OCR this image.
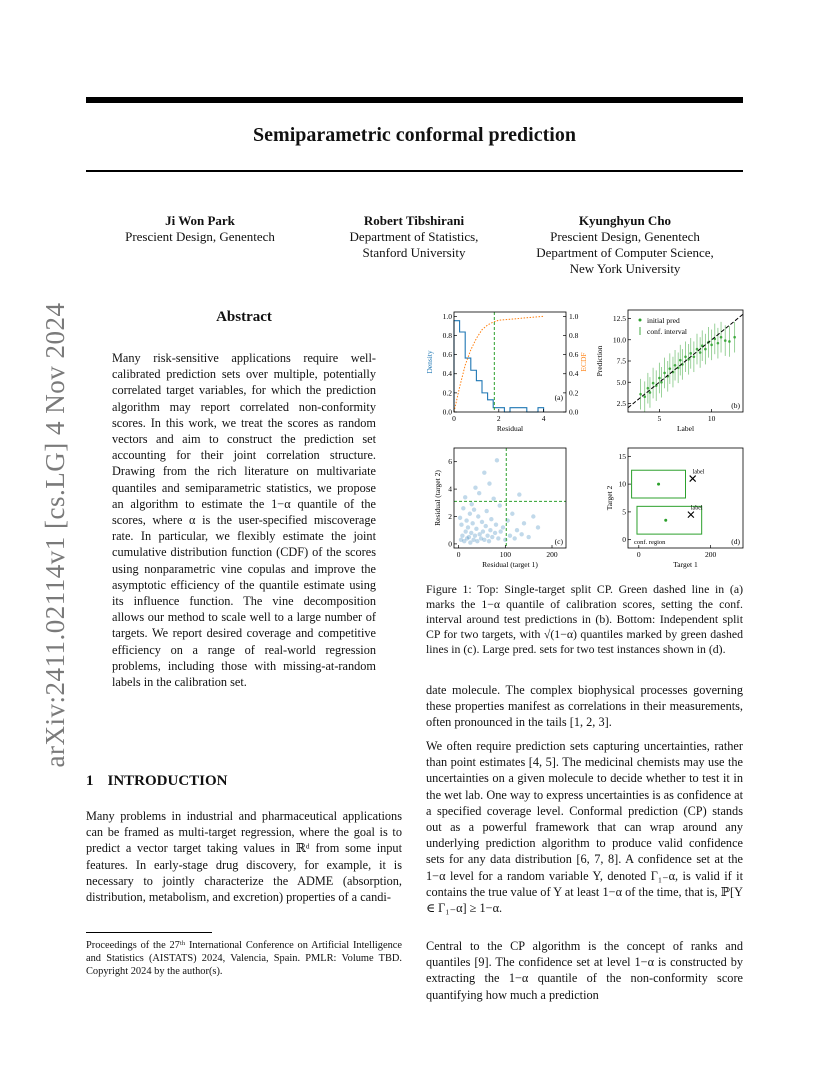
Semiparametric conformal prediction
Ji Won Park
Prescient Design, Genentech
Robert Tibshirani
Department of Statistics,
Stanford University
Kyunghyun Cho
Prescient Design, Genentech
Department of Computer Science,
New York University
arXiv:2411.02114v1 [cs.LG] 4 Nov 2024	Abstract
Many risk-sensitive applications require well-calibrated prediction sets over multiple, potentially correlated target variables, for which the prediction algorithm may report correlated non-conformity scores. In this work, we treat the scores as random vectors and aim to construct the prediction set accounting for their joint correlation structure. Drawing from the rich literature on multivariate quantiles and semiparametric statistics, we propose an algorithm to estimate the 1−α quantile of the scores, where α is the user-specified miscoverage rate. In particular, we flexibly estimate the joint cumulative distribution function (CDF) of the scores using nonparametric vine copulas and improve the asymptotic efficiency of the quantile estimate using its influence function. The vine decomposition allows our method to scale well to a large number of targets. We report desired coverage and competitive efficiency on a range of real-world regression problems, including those with missing-at-random labels in the calibration set.
1 INTRODUCTION
Many problems in industrial and pharmaceutical applications can be framed as multi-target regression, where the goal is to predict a vector target taking values in ℝᵈ from some input features. In early-stage drug discovery, for example, it is necessary to jointly characterize the ADME (absorption, distribution, metabolism, and excretion) properties of a candi-
Proceedings of the 27ᵗʰ International Conference on Artificial Intelligence and Statistics (AISTATS) 2024, Valencia, Spain. PMLR: Volume TBD. Copyright 2024 by the author(s).
0	2	4
0.0
0.2
0.4
0.6
0.8
1.0
0.0
0.2
0.4
0.6
0.8
1.0
Residual
Density	ECDF
(a)
5	10
2.5
5.0
7.5
10.0
12.5
Label
Prediction
(b)
initial pred
conf. interval
0	100	200
0
2
4
6
Residual (target 1)
Residual (target 2)
(c)
label
label
0	200
0
5
10
15
Target 1
Target 2
(d)
conf. region
Figure 1: Top: Single-target split CP. Green dashed line in (a) marks the 1−α quantile of calibration scores, setting the conf. interval around test predictions in (b). Bottom: Independent split CP for two targets, with √(1−α) quantiles marked by green dashed lines in (c). Large pred. sets for two test instances shown in (d).
date molecule. The complex biophysical processes governing these properties manifest as correlations in their measurements, often pronounced in the tails [1, 2, 3].
We often require prediction sets capturing uncertainties, rather than point estimates [4, 5]. The medicinal chemists may use the uncertainties on a given molecule to decide whether to test it in the wet lab. One way to express uncertainties is as confidence at a specified coverage level. Conformal prediction (CP) stands out as a powerful framework that can wrap around any underlying prediction algorithm to produce valid confidence sets for any data distribution [6, 7, 8]. A confidence set at the 1−α level for a random variable Y, denoted Γ₁₋α, is valid if it contains the true value of Y at least 1−α of the time, that is, ℙ[Y ∈ Γ₁₋α] ≥ 1−α.
Central to the CP algorithm is the concept of ranks and quantiles [9]. The confidence set at level 1−α is constructed by extracting the 1−α quantile of the non-conformity score quantifying how much a prediction
